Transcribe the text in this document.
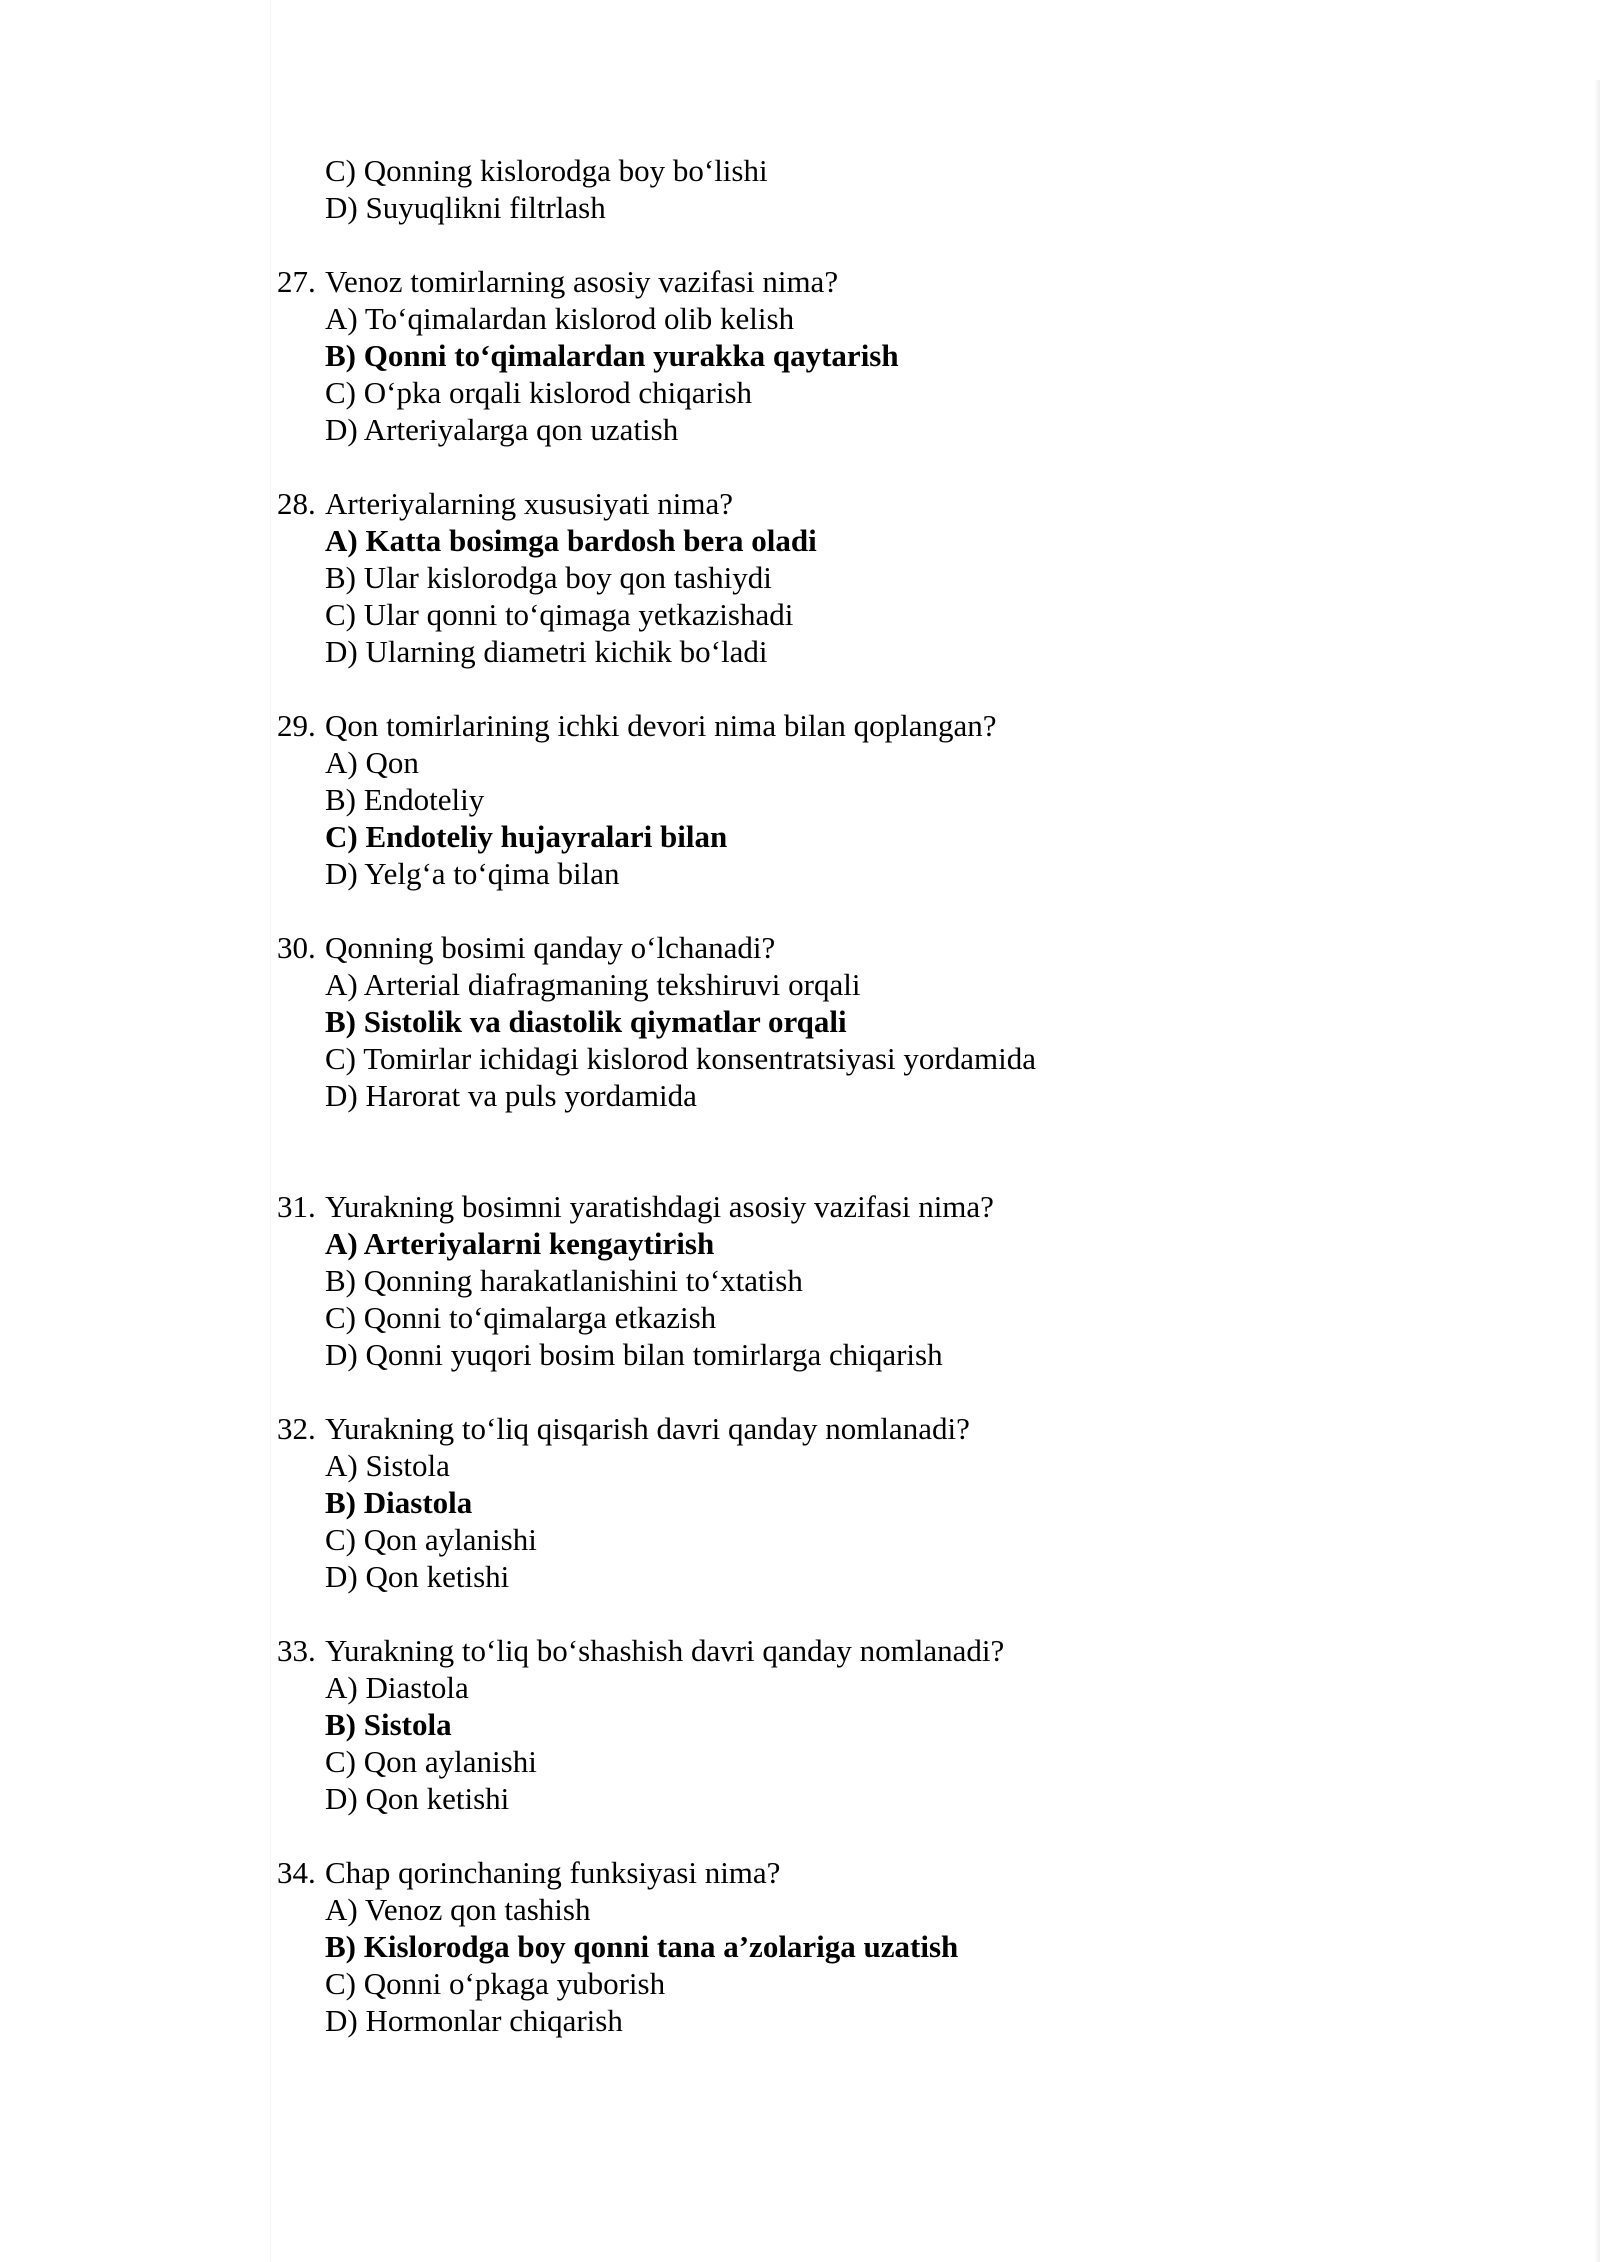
C) Qonning kislorodga boy bo‘lishi
D) Suyuqlikni filtrlash
27. Venoz tomirlarning asosiy vazifasi nima?
A) To‘qimalardan kislorod olib kelish
B) Qonni to‘qimalardan yurakka qaytarish
C) O‘pka orqali kislorod chiqarish
D) Arteriyalarga qon uzatish
28. Arteriyalarning xususiyati nima?
A) Katta bosimga bardosh bera oladi
B) Ular kislorodga boy qon tashiydi
C) Ular qonni to‘qimaga yetkazishadi
D) Ularning diametri kichik bo‘ladi
29. Qon tomirlarining ichki devori nima bilan qoplangan?
A) Qon
B) Endoteliy
C) Endoteliy hujayralari bilan
D) Yelg‘a to‘qima bilan
30. Qonning bosimi qanday o‘lchanadi?
A) Arterial diafragmaning tekshiruvi orqali
B) Sistolik va diastolik qiymatlar orqali
C) Tomirlar ichidagi kislorod konsentratsiyasi yordamida
D) Harorat va puls yordamida
31. Yurakning bosimni yaratishdagi asosiy vazifasi nima?
A) Arteriyalarni kengaytirish
B) Qonning harakatlanishini to‘xtatish
C) Qonni to‘qimalarga etkazish
D) Qonni yuqori bosim bilan tomirlarga chiqarish
32. Yurakning to‘liq qisqarish davri qanday nomlanadi?
A) Sistola
B) Diastola
C) Qon aylanishi
D) Qon ketishi
33. Yurakning to‘liq bo‘shashish davri qanday nomlanadi?
A) Diastola
B) Sistola
C) Qon aylanishi
D) Qon ketishi
34. Chap qorinchaning funksiyasi nima?
A) Venoz qon tashish
B) Kislorodga boy qonni tana a’zolariga uzatish
C) Qonni o‘pkaga yuborish
D) Hormonlar chiqarish
